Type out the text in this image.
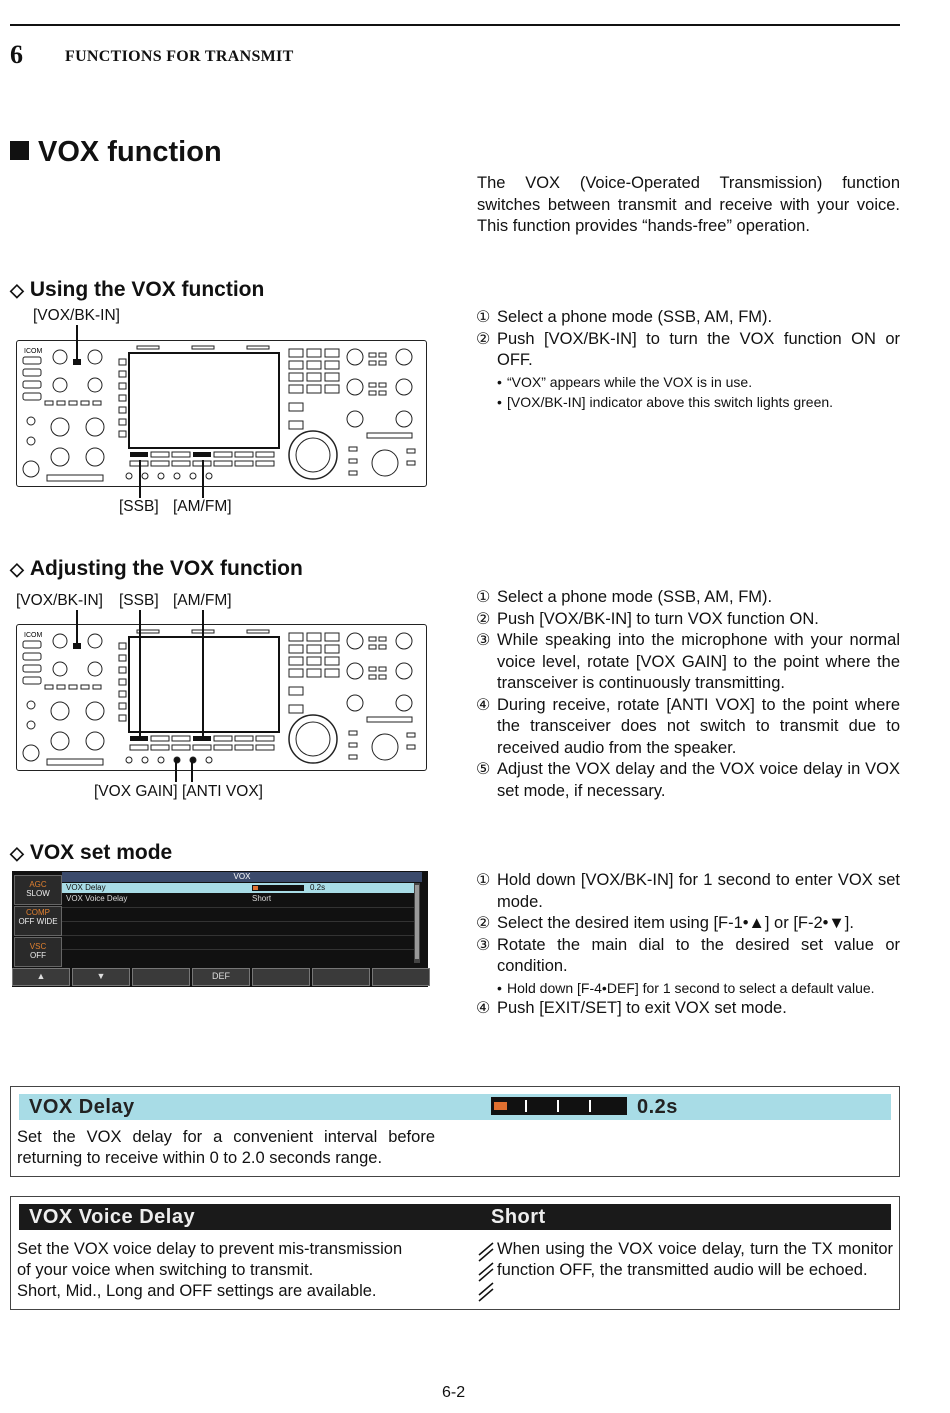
6	FUNCTIONS FOR TRANSMIT
VOX function
The VOX (Voice-Operated Transmission) function switches between transmit and receive with your voice. This function provides “hands-free” operation.
◇ Using the VOX function
[VOX/BK-IN]
ICOM
[SSB] [AM/FM]
① Select a phone mode (SSB, AM, FM).
② Push [VOX/BK-IN] to turn the VOX function ON or OFF.
• “VOX” appears while the VOX is in use.
• [VOX/BK-IN] indicator above this switch lights green.
◇ Adjusting the VOX function
[VOX/BK-IN] [SSB] [AM/FM]
ICOM
[VOX GAIN] [ANTI VOX]
① Select a phone mode (SSB, AM, FM).
② Push [VOX/BK-IN] to turn VOX function ON.
③ While speaking into the microphone with your normal voice level, rotate [VOX GAIN] to the point where the transceiver is continuously transmitting.
④ During receive, rotate [ANTI VOX] to the point where the transceiver does not switch to transmit due to received audio from the speaker.
⑤ Adjust the VOX delay and the VOX voice delay in VOX set mode, if necessary.
◇ VOX set mode
VOX
AGC
SLOW
COMP
OFF WIDE
VSC
OFF
VOX Delay	0.2s
VOX Voice Delay	Short
▲	▼	DEF
① Hold down [VOX/BK-IN] for 1 second to enter VOX set mode.
② Select the desired item using [F-1•▲] or [F-2•▼].
③ Rotate the main dial to the desired set value or condition.
• Hold down [F-4•DEF] for 1 second to select a default value.
④ Push [EXIT/SET] to exit VOX set mode.
VOX Delay	0.2s
Set the VOX delay for a convenient interval before returning to receive within 0 to 2.0 seconds range.
VOX Voice Delay	Short
Set the VOX voice delay to prevent mis-transmission
of your voice when switching to transmit.
Short, Mid., Long and OFF settings are available.
When using the VOX voice delay, turn the TX monitor function OFF, the transmitted audio will be echoed.
6-2
